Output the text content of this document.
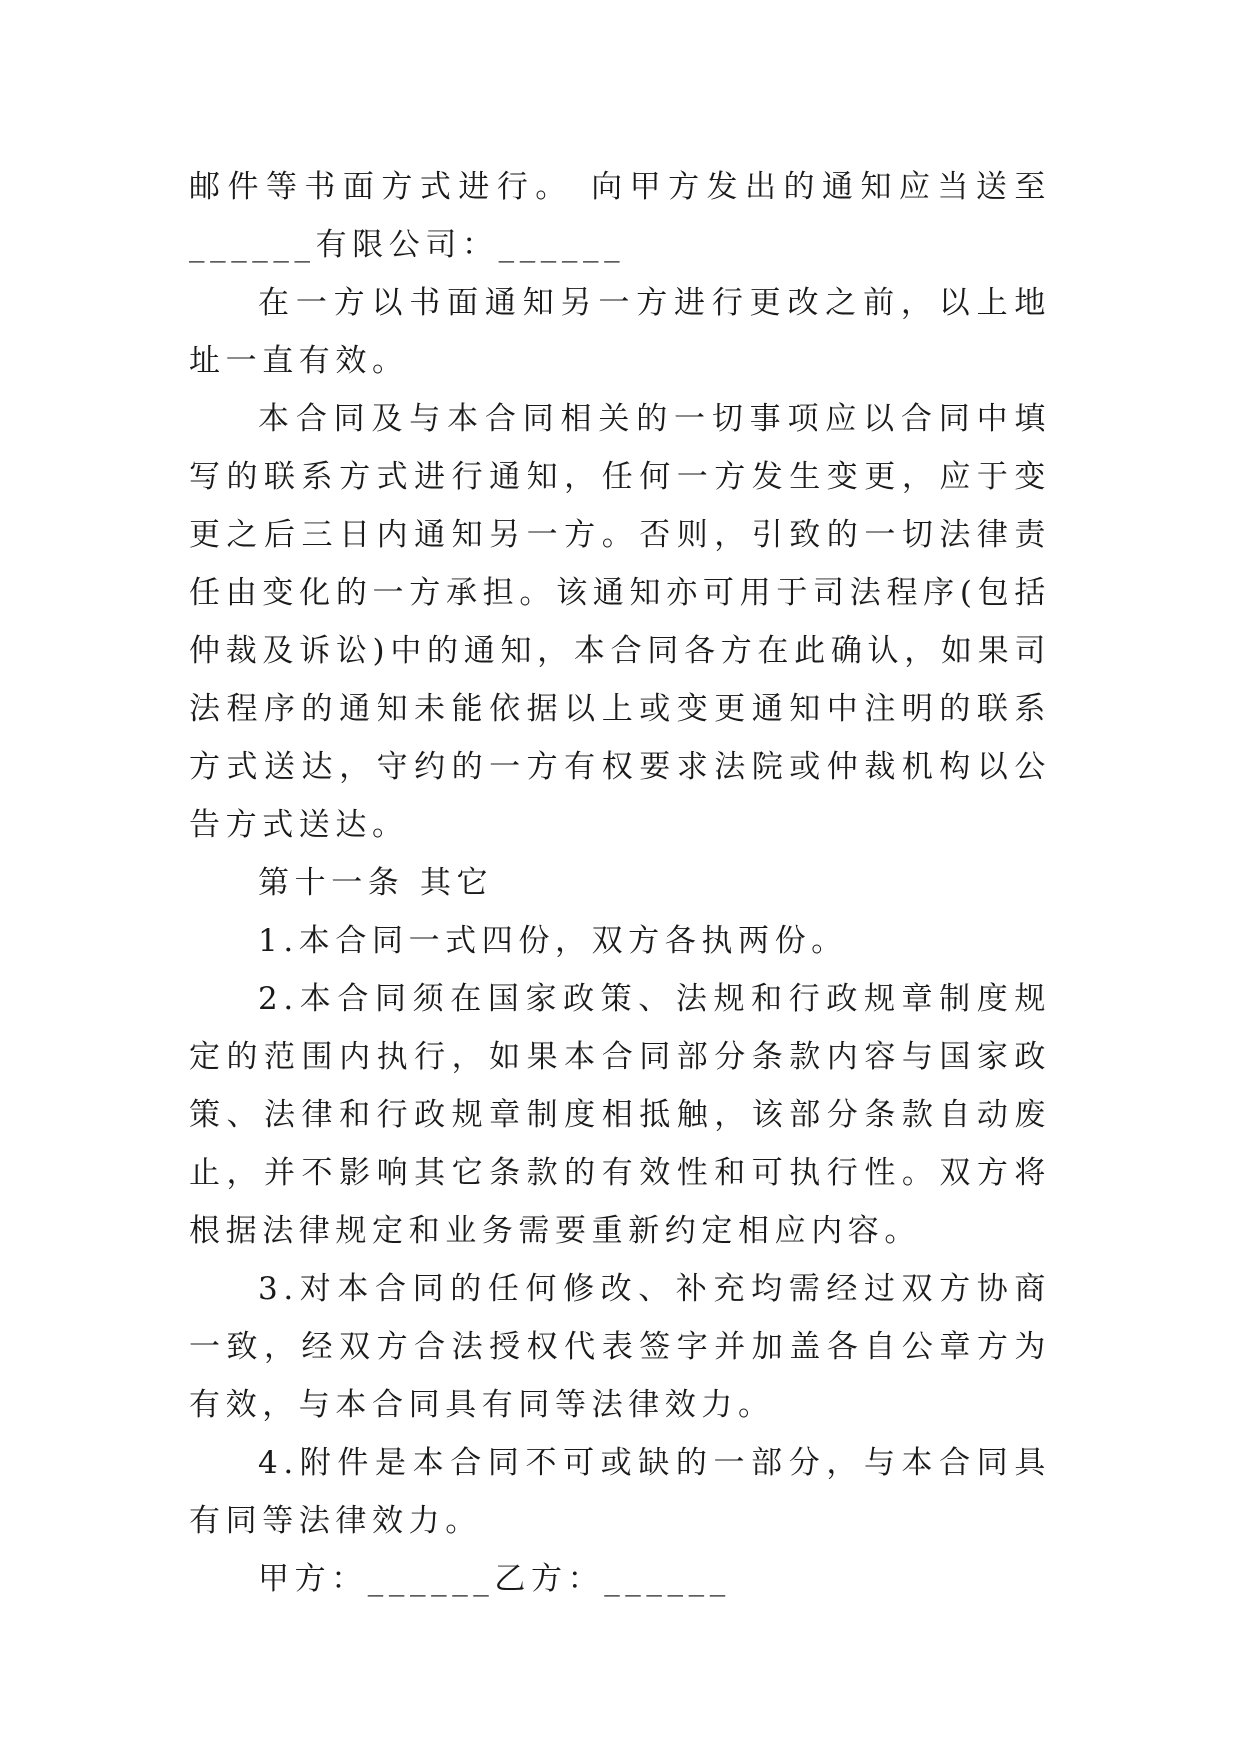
邮件等书面方式进行。 向甲方发出的通知应当送至______有限公司：______

在一方以书面通知另一方进行更改之前，以上地址一直有效。

本合同及与本合同相关的一切事项应以合同中填写的联系方式进行通知，任何一方发生变更，应于变更之后三日内通知另一方。否则，引致的一切法律责任由变化的一方承担。该通知亦可用于司法程序(包括仲裁及诉讼)中的通知，本合同各方在此确认，如果司法程序的通知未能依据以上或变更通知中注明的联系方式送达，守约的一方有权要求法院或仲裁机构以公告方式送达。

第十一条 其它

1.本合同一式四份，双方各执两份。

2.本合同须在国家政策、法规和行政规章制度规定的范围内执行，如果本合同部分条款内容与国家政策、法律和行政规章制度相抵触，该部分条款自动废止，并不影响其它条款的有效性和可执行性。双方将根据法律规定和业务需要重新约定相应内容。

3.对本合同的任何修改、补充均需经过双方协商一致，经双方合法授权代表签字并加盖各自公章方为有效，与本合同具有同等法律效力。

4.附件是本合同不可或缺的一部分，与本合同具有同等法律效力。

甲方：______乙方：______
